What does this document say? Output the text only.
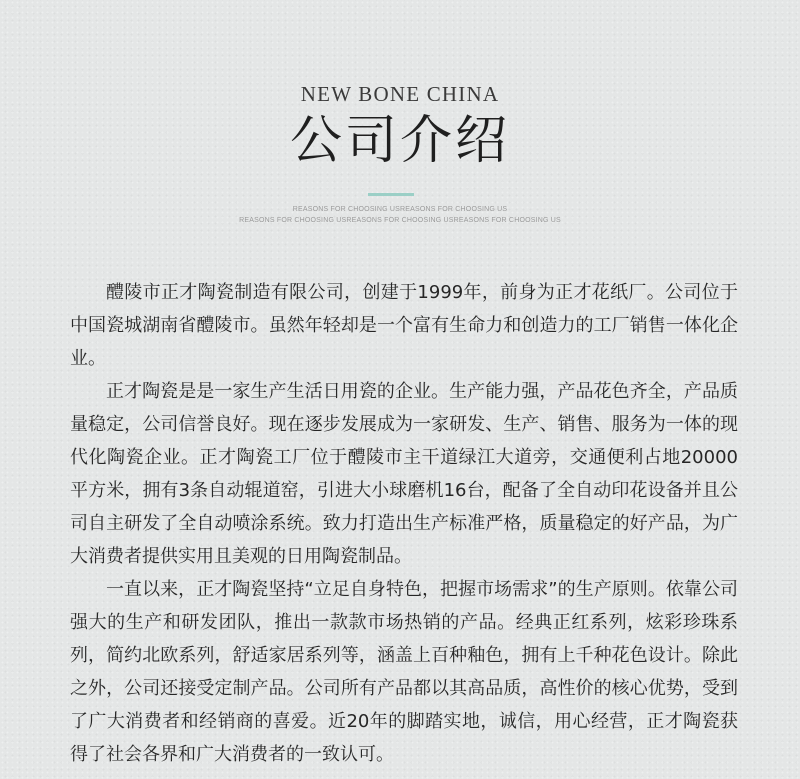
NEW BONE CHINA
公司介绍
REASONS FOR CHOOSING USREASONS FOR CHOOSING US
REASONS FOR CHOOSING USREASONS FOR CHOOSING USREASONS FOR CHOOSING US

醴陵市正才陶瓷制造有限公司，创建于1999年，前身为正才花纸厂。公司位于中国瓷城湖南省醴陵市。虽然年轻却是一个富有生命力和创造力的工厂销售一体化企业。

正才陶瓷是是一家生产生活日用瓷的企业。生产能力强，产品花色齐全，产品质量稳定，公司信誉良好。现在逐步发展成为一家研发、生产、销售、服务为一体的现代化陶瓷企业。正才陶瓷工厂位于醴陵市主干道绿江大道旁，交通便利占地20000平方米，拥有3条自动辊道窑，引进大小球磨机16台，配备了全自动印花设备并且公司自主研发了全自动喷涂系统。致力打造出生产标准严格，质量稳定的好产品，为广大消费者提供实用且美观的日用陶瓷制品。

一直以来，正才陶瓷坚持“立足自身特色，把握市场需求”的生产原则。依靠公司强大的生产和研发团队，推出一款款市场热销的产品。经典正红系列，炫彩珍珠系列，简约北欧系列，舒适家居系列等，涵盖上百种釉色，拥有上千种花色设计。除此之外，公司还接受定制产品。公司所有产品都以其高品质，高性价的核心优势，受到了广大消费者和经销商的喜爱。近20年的脚踏实地，诚信，用心经营，正才陶瓷获得了社会各界和广大消费者的一致认可。
